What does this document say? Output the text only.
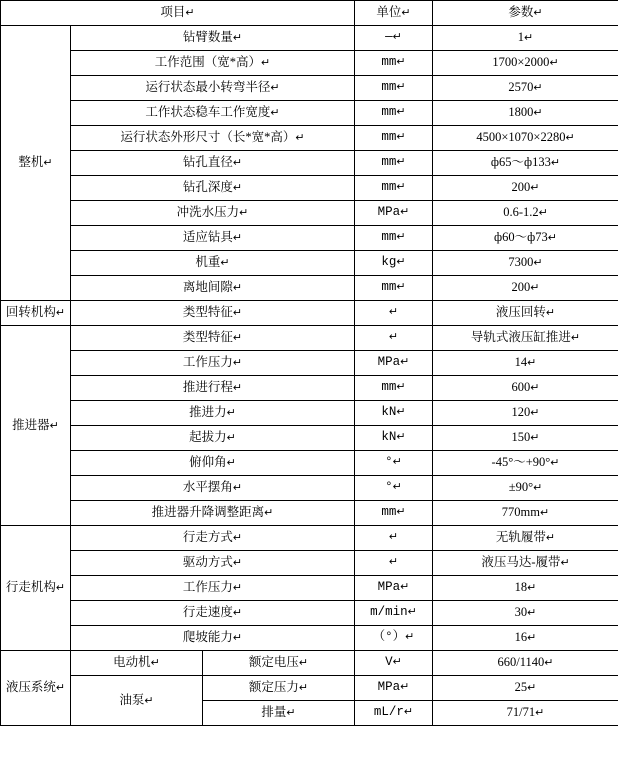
项目↵			单位↵	参数↵
整机↵	钻臂数量↵		—↵	1↵
	工作范围（宽*高）↵		mm↵	1700×2000↵
	运行状态最小转弯半径↵		mm↵	2570↵
	工作状态稳车工作宽度↵		mm↵	1800↵
	运行状态外形尺寸（长*宽*高）↵		mm↵	4500×1070×2280↵
	钻孔直径↵		mm↵	ф65～ф133↵
	钻孔深度↵		mm↵	200↵
	冲洗水压力↵		MPa↵	0.6-1.2↵
	适应钻具↵		mm↵	ф60～ф73↵
	机重↵		kg↵	7300↵
	离地间隙↵		mm↵	200↵
回转机构↵	类型特征↵		↵	液压回转↵
推进器↵	类型特征↵		↵	导轨式液压缸推进↵
	工作压力↵		MPa↵	14↵
	推进行程↵		mm↵	600↵
	推进力↵		kN↵	120↵
	起拔力↵		kN↵	150↵
	俯仰角↵		°↵	-45°～+90°↵
	水平摆角↵		°↵	±90°↵
	推进器升降调整距离↵		mm↵	770mm↵
行走机构↵	行走方式↵		↵	无轨履带↵
	驱动方式↵		↵	液压马达-履带↵
	工作压力↵		MPa↵	18↵
	行走速度↵		m/min↵	30↵
	爬坡能力↵		（°）↵	16↵
液压系统↵	电动机↵	额定电压↵	V↵	660/1140↵
	油泵↵	额定压力↵	MPa↵	25↵
		排量↵	mL/r↵	71/71↵
